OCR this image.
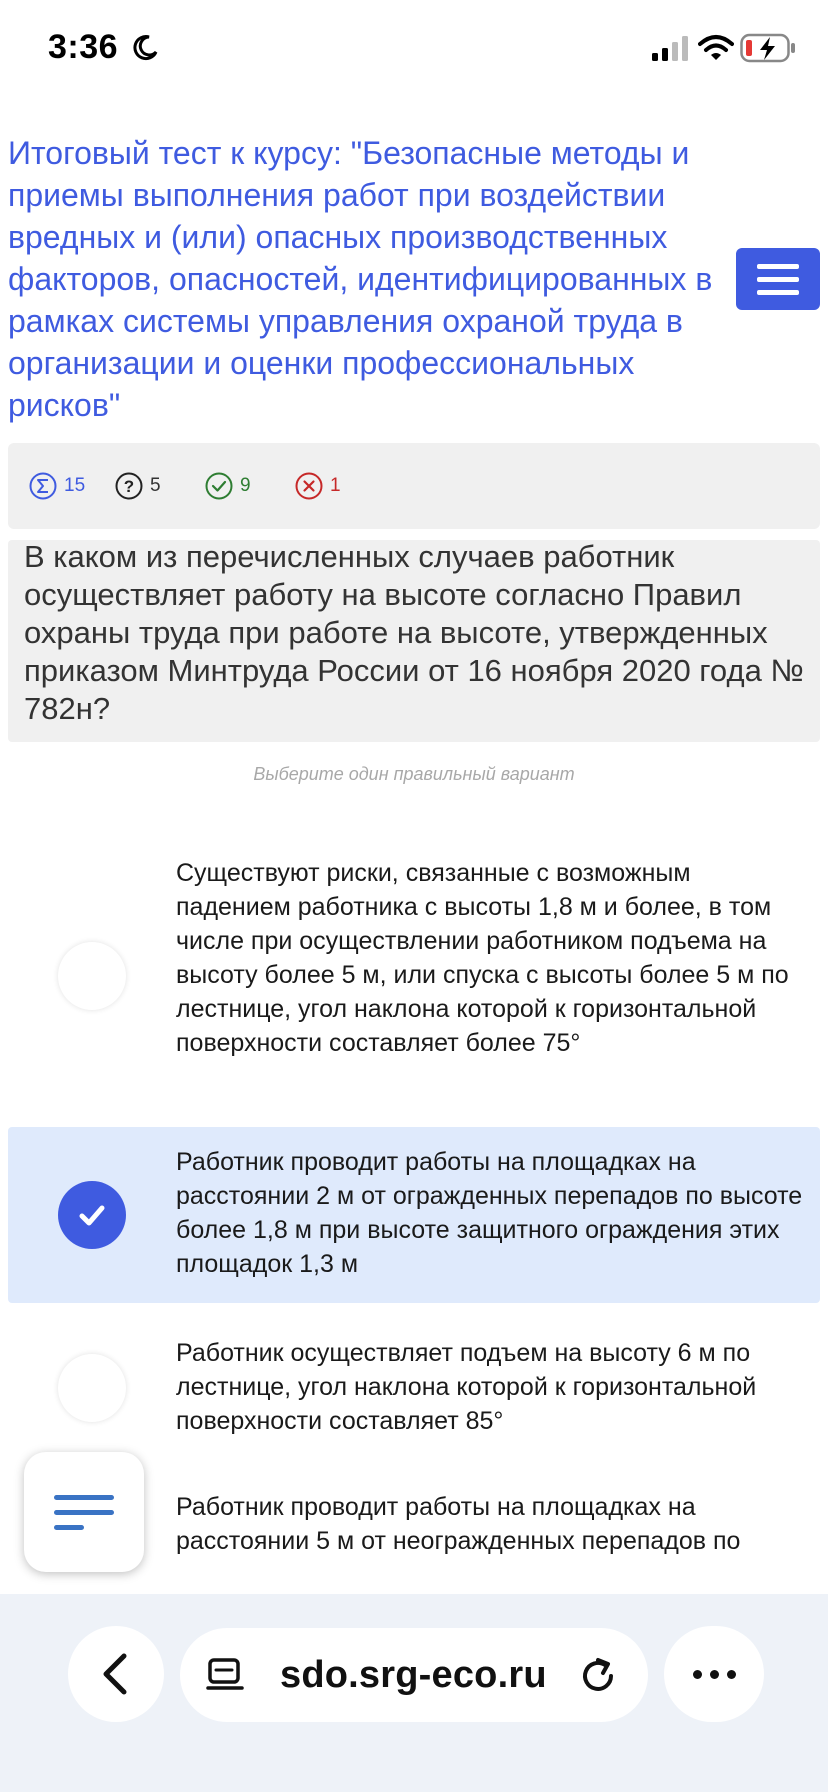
3:36
Итоговый тест к курсу: "Безопасные методы и приемы выполнения работ при воздействии вредных и (или) опасных производственных факторов, опасностей, идентифицированных в рамках системы управления охраной труда в организации и оценки профессиональных рисков"
15 ? 5	9	1
В каком из перечисленных случаев работник осуществляет работу на высоте согласно Правил охраны труда при работе на высоте, утвержденных приказом Минтруда России от 16 ноября 2020 года № 782н?
Выберите один правильный вариант
Существуют риски, связанные с возможным падением работника с высоты 1,8 м и более, в том числе при осуществлении работником подъема на высоту более 5 м, или спуска с высоты более 5 м по лестнице, угол наклона которой к горизонтальной поверхности составляет более 75°
Работник проводит работы на площадках на расстоянии 2 м от огражденных перепадов по высоте более 1,8 м при высоте защитного ограждения этих площадок 1,3 м
Работник осуществляет подъем на высоту 6 м по лестнице, угол наклона которой к горизонтальной поверхности составляет 85°
Работник проводит работы на площадках на расстоянии 5 м от неогражденных перепадов по
sdo.srg-eco.ru
